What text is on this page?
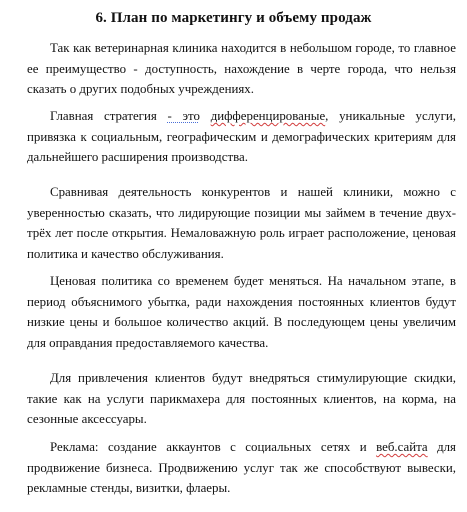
6. План по маркетингу и объему продаж

Так как ветеринарная клиника находится в небольшом городе, то главное ее преимущество - доступность, нахождение в черте города, что нельзя сказать о других подобных учреждениях.

Главная стратегия - это дифференцированые, уникальные услуги, привязка к социальным, географическим и демографических критериям для дальнейшего расширения производства.

Сравнивая деятельность конкурентов и нашей клиники, можно с уверенностью сказать, что лидирующие позиции мы займем в течение двух-трёх лет после открытия. Немаловажную роль играет расположение, ценовая политика и качество обслуживания.

Ценовая политика со временем будет меняться. На начальном этапе, в период объяснимого убытка, ради нахождения постоянных клиентов будут низкие цены и большое количество акций. В последующем цены увеличим для оправдания предоставляемого качества.

Для привлечения клиентов будут внедряться стимулирующие скидки, такие как на услуги парикмахера для постоянных клиентов, на корма, на сезонные аксессуары.

Реклама: создание аккаунтов с социальных сетях и веб.сайта для продвижение бизнеса. Продвижению услуг так же способствуют вывески, рекламные стенды, визитки, флаеры.
